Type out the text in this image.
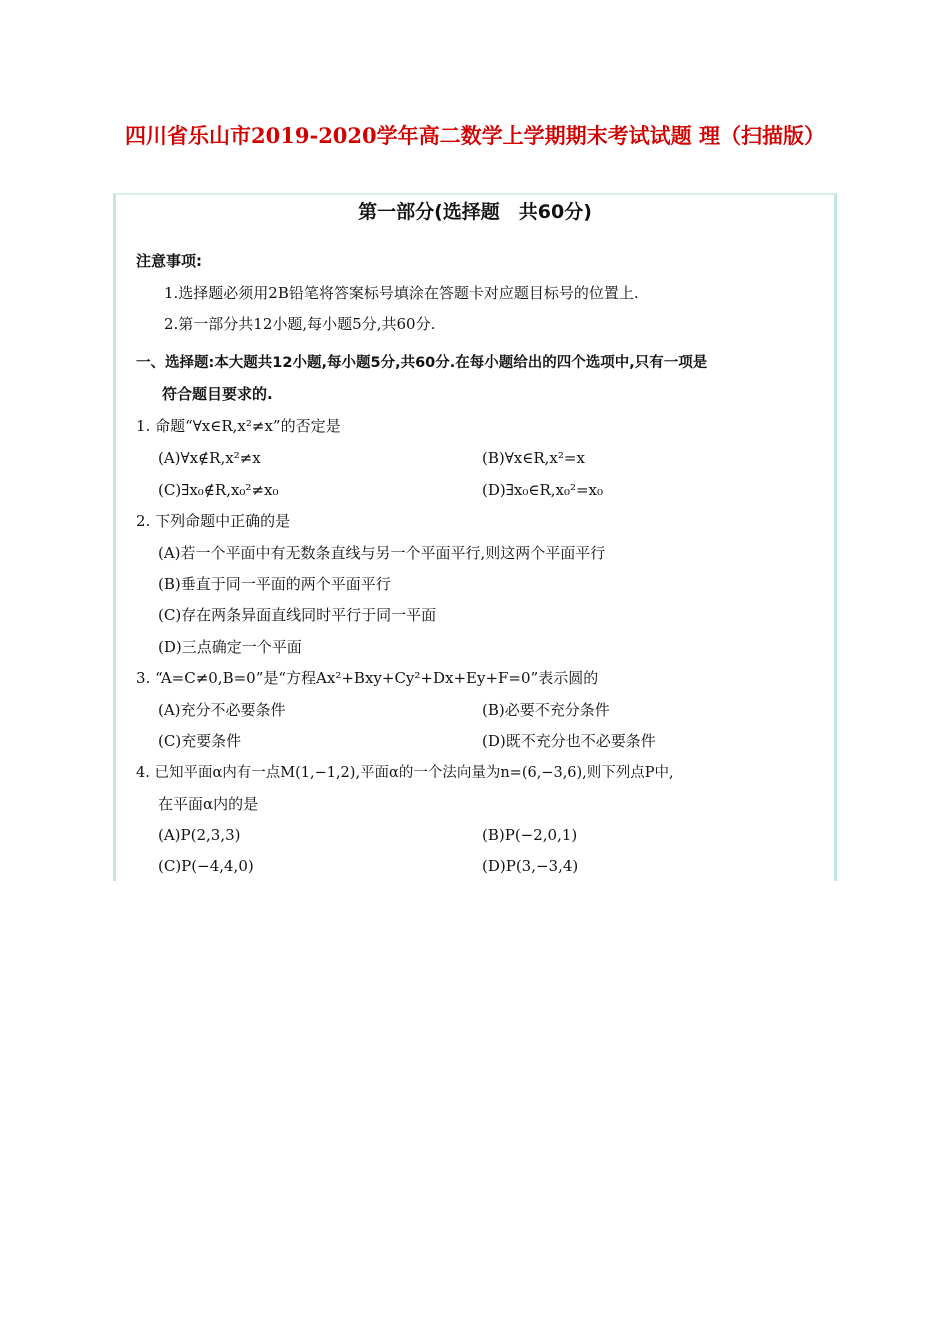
四川省乐山市2019-2020学年高二数学上学期期末考试试题 理（扫描版）
第一部分(选择题　共60分)
注意事项:
1.选择题必须用2B铅笔将答案标号填涂在答题卡对应题目标号的位置上.
2.第一部分共12小题,每小题5分,共60分.
一、选择题:本大题共12小题,每小题5分,共60分.在每小题给出的四个选项中,只有一项是
符合题目要求的.
1. 命题“∀x∈R,x²≠x”的否定是
(A)∀x∉R,x²≠x	(B)∀x∈R,x²=x
(C)∃x₀∉R,x₀²≠x₀	(D)∃x₀∈R,x₀²=x₀
2. 下列命题中正确的是
(A)若一个平面中有无数条直线与另一个平面平行,则这两个平面平行
(B)垂直于同一平面的两个平面平行
(C)存在两条异面直线同时平行于同一平面
(D)三点确定一个平面
3. “A=C≠0,B=0”是“方程Ax²+Bxy+Cy²+Dx+Ey+F=0”表示圆的
(A)充分不必要条件	(B)必要不充分条件
(C)充要条件	(D)既不充分也不必要条件
4. 已知平面α内有一点M(1,−1,2),平面α的一个法向量为n=(6,−3,6),则下列点P中,
在平面α内的是
(A)P(2,3,3)	(B)P(−2,0,1)
(C)P(−4,4,0)	(D)P(3,−3,4)
